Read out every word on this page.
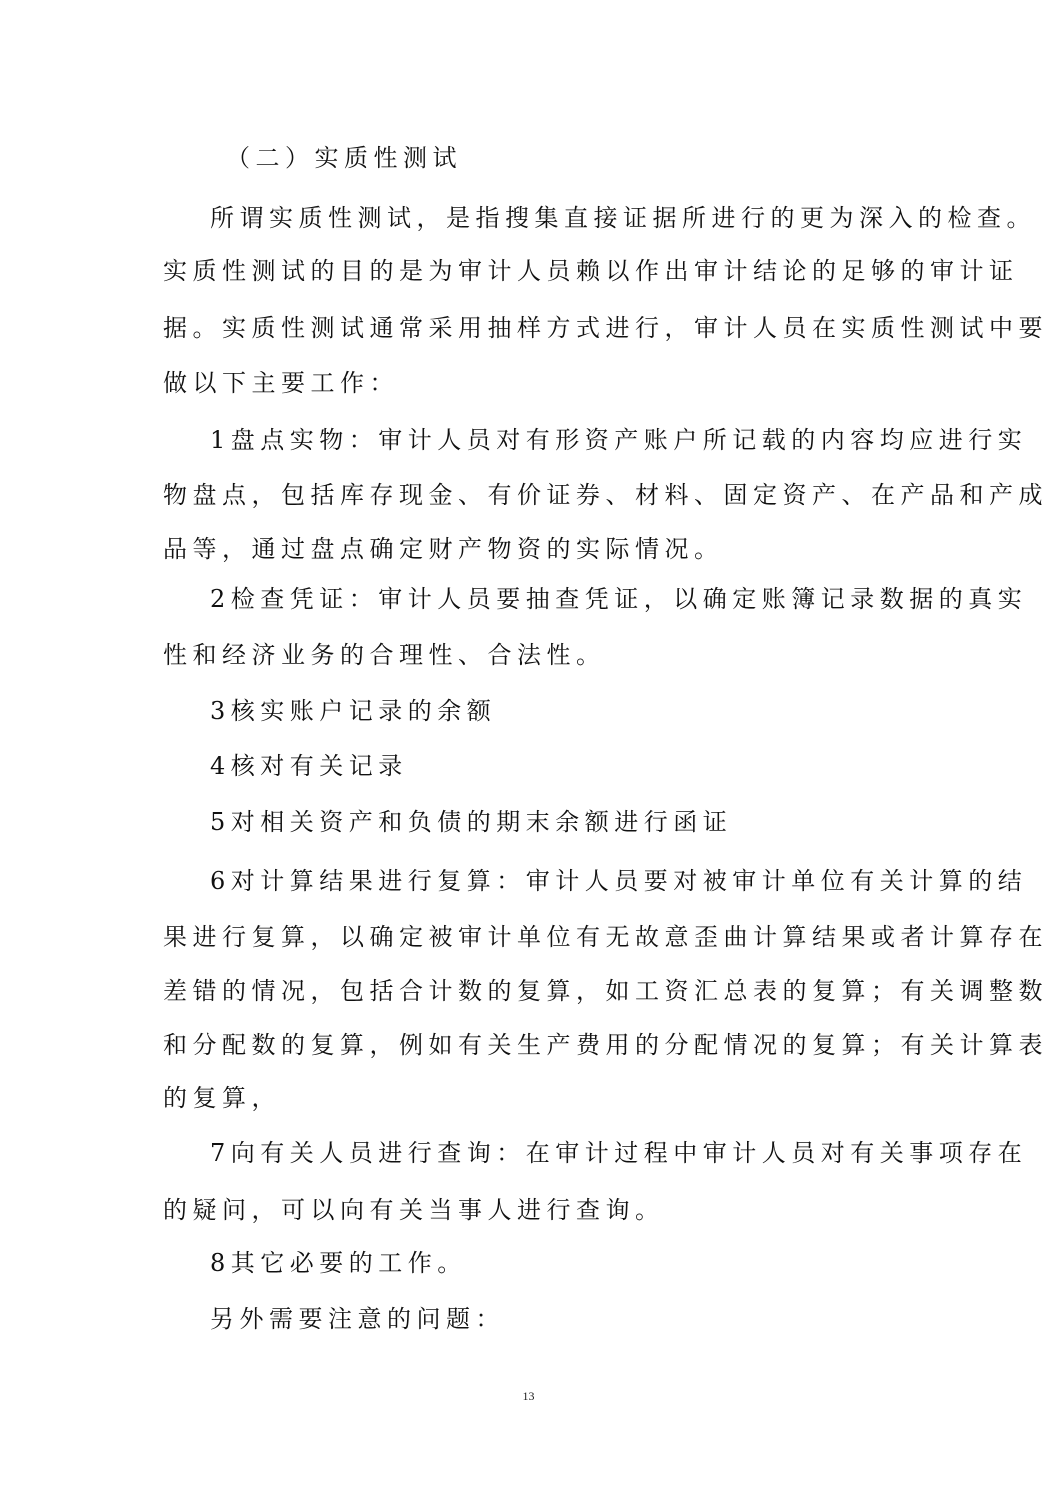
（二）实质性测试
所谓实质性测试，是指搜集直接证据所进行的更为深入的检查。
实质性测试的目的是为审计人员赖以作出审计结论的足够的审计证
据。实质性测试通常采用抽样方式进行，审计人员在实质性测试中要
做以下主要工作：
1盘点实物：审计人员对有形资产账户所记载的内容均应进行实
物盘点，包括库存现金、有价证券、材料、固定资产、在产品和产成
品等，通过盘点确定财产物资的实际情况。
2检查凭证：审计人员要抽查凭证，以确定账簿记录数据的真实
性和经济业务的合理性、合法性。
3核实账户记录的余额
4核对有关记录
5对相关资产和负债的期末余额进行函证
6对计算结果进行复算：审计人员要对被审计单位有关计算的结
果进行复算，以确定被审计单位有无故意歪曲计算结果或者计算存在
差错的情况，包括合计数的复算，如工资汇总表的复算；有关调整数
和分配数的复算，例如有关生产费用的分配情况的复算；有关计算表
的复算，
7向有关人员进行查询：在审计过程中审计人员对有关事项存在
的疑问，可以向有关当事人进行查询。
8其它必要的工作。
另外需要注意的问题：
13
